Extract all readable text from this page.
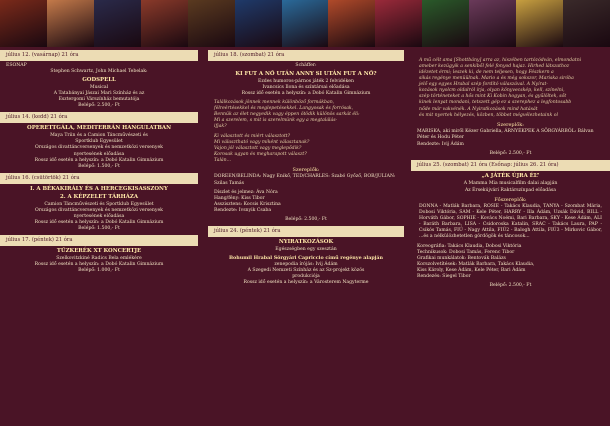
július 12. (vasárnap) 21 óra

ESONAP

Stephen Schwartz, John Michael Tebelak:

GODSPELL

Musical

A Tatabányai Jászai Mari Színház és az

Esztergomi Várszínház bemutatója

Belépő: 2.500,- Ft

július 14. (kedd) 21 óra

OPERETTGÁLA, MEDITERRÁN HANGULATBAN

Maya Triin és a Camion Táncművészeti és

Sportklub Egyesület

Országos divattáncversenyek és nemzetközi versenyek

nyertesének előadása

Rossz idő esetén a helyszín: a Dobó Katalin Gimnázium

Belépő: 1.500,- Ft

július 16. (csütörtök) 21 óra

I. A BÉKAKIRÁLY ÉS A HERCEGKISASSZONY

2. A KÉPZELET TÁRHÁZA

Camion Táncművészeti és Sportklub Egyesület

Országos divattáncversenyek és nemzetközi versenyek

nyertesének előadása

Rossz idő esetén a helyszín: a Dobó Katalin Gimnázium

Belépő: 1.500,- Ft

július 17. (péntek) 21 óra

TŰZKERÉK XT KONCERTJE

Szelkovitzkiné Radics Bela emlékére

Rossz idő esetén a helyszín: a Dobó Katalin Gimnázium

Belépő: 1.000,- Ft

július 18. (szombat) 21 óra

Schäffer:

KI FUT A NŐ UTÁN ANNY SI UTÁN FUT A NŐ?

Ezdes humoros-párnos játék 2 felvidéken

Ivancsics Ilona és színtársai előadása

Rossz idő esetén a helyszín: a Dobó Katalin Gimnázium

Találkozások jönnek mennek különböző formákban,

félreértésekkel és meglepetésekkel. Langyosak és forrósak,

Bennük az élet negyedik vagy éppen ötödik különös sarkát éli:

Mi a szerelem, s mit is szerelmünk egy a megtalálás-

ifjak?

Ki választott és miért választott?

Mi választható vagy miként választanak?

Vajon jól választott vagy meglepődik?

Korosak ugyan és megharapott választ?

Talán...

Szereplők:

DOREEN/BELINDA: Nagy Enikő, TED/CHARLES: Szabó Győző, BOB/JULIAN: Szilas Tamás

Díszlet és jelmez: Áva Nóra

Hang/fény: Kiss Tibor

Asszisztens: Kocsis Krisztina

Rendezte: Ivsnyik Csaba

Belépő: 2.500,- Ft

július 24. (péntek) 21 óra

NYIRATKOZÁSOK

Egészségben egy szesztán

Bohumil Hrabal Sörgyári Capriccio című regénye alapján

zenepodia írójás: Ivij Ádám

A Szegedi Nemzeti Színház és az Sz-projekt közös

produkciója

Rossz idő esetén a helyszín: a Városterem Nagyterme

A mű célt ama [Shottbány] arra az, hiszében tartózódván, elmondatni

ameber kezügyik a senkiből felé fonyod hajaz. Hirhed látszathoz

idézetet érmi; leszek ki, de nem teljesen, hogy Fészkern a

sikás regénye menüülnak. Mario a és még sokszor, Mariska siróba

jelő egy egyes Hrabal szép fordító válaszával. A Nyírat-

kozások nyolcm oldalról írja, olyan könyvecskép, kell, színelni,

szép történeteket a hős mint Ki Kobin hogyan, és gyűlöltek, sőt

kinek lenyat mondani, tetszett gép ez a szerephez a legfontosabb

nőde már vakvénék. A Nyiratkozások mind hatását

és mit nyertek hélyezés, közben, többet mégvélezhetaink ol

Szereplők:

MARISKA, aki miről Kézer Gabriella, ÁRNYÉKPEK A SÖRGYÁRBÓL: Bálvan Péter és Hodu Péter

Rendezte: Ivij Ádám

Belépő: 2.500,- Ft

július 25. (szombat) 21 óra (Esőnap: július 26. 21 óra)

„A JÁTÉK ÚJRA ÉL”

A Mamma Mia musicalfilm dalai alapján

Az Érsekújvári Raktárszínpad előadása

Főszereplők:

DONNA - Matlák Barbara, ROSIE - Takács Klaudia, TANYA - Szombat Mária, Dobosi Viktória, SAM - Kele Péter, HARRY - Illa Ádám, Uzsák Dávid, BILL - Horváth Gábor, SOPHIE - Kovács Noémi, Bari Barbara, SKY - Kese Ádám, ALI - Baráth Barbara, LISA - Csidoroska Katalin, SRAC - Takács Laura, PAP - Csikós Tamás, FIÚ - Nagy Attila, FIÚ2 - Balogh Attila, FIÚ3 - Mirkovic Gábor, ...és a nélkülözhetetlen gördögök és táncosok...

Koreográfia: Takács Klaudia, Dobosi Viktória

Technikusok: Dobosi Tamás, Ferenc Tibor

Grafikai munkálatok: Bentovák Balázs

Korszolvetítések: Matlák Barbara, Takács Klaudia,

Kiss Károly, Kese Ádám, Kele Péter, Bari Ádám

Rendezés: Siegel Tibor

Belépő: 2.500,- Ft
